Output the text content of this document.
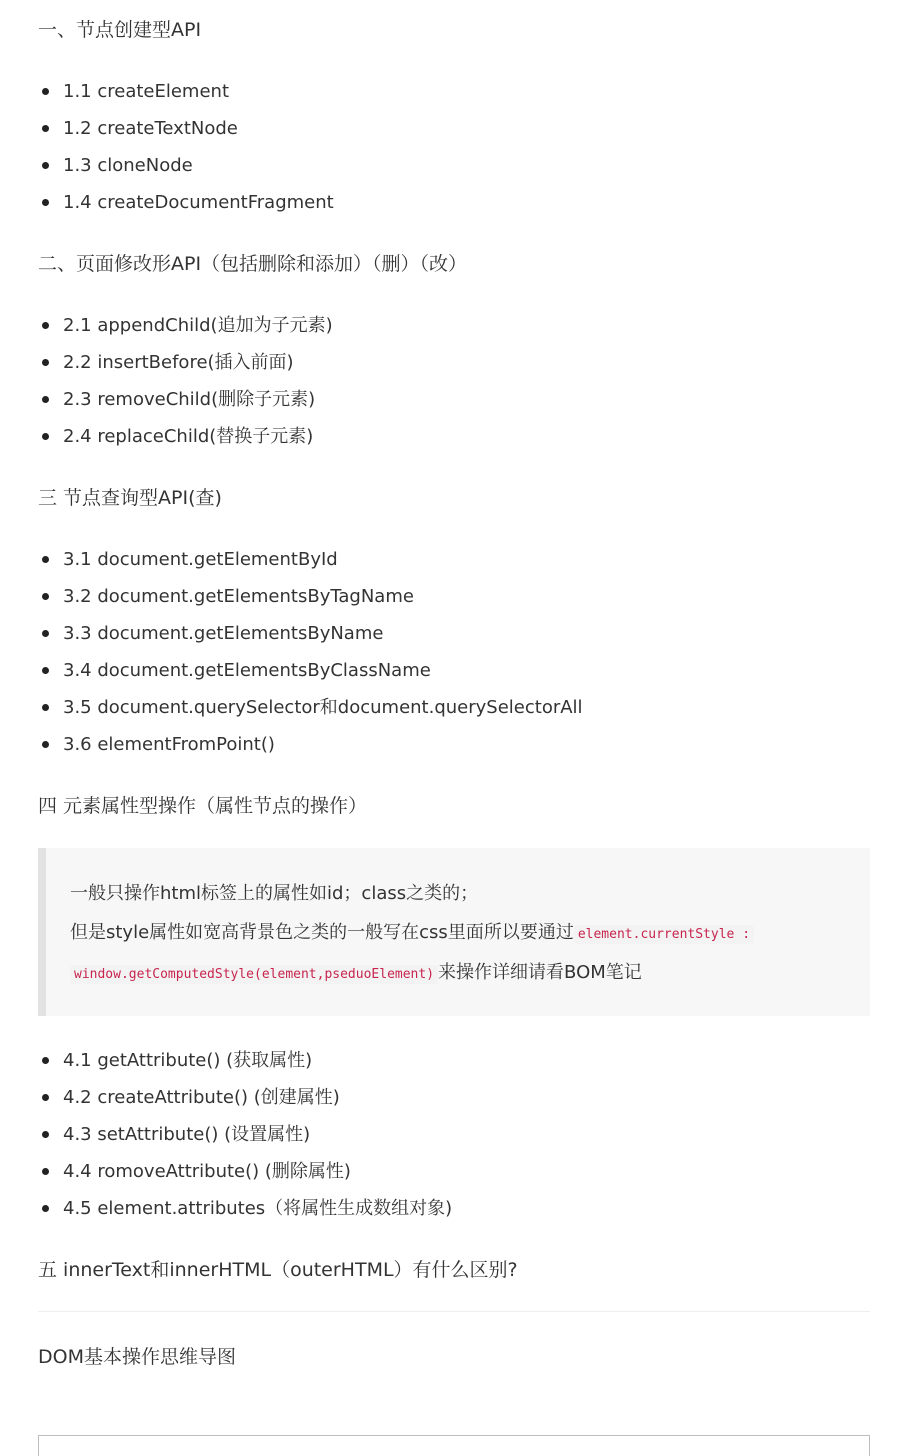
一、节点创建型API
1.1 createElement
1.2 createTextNode
1.3 cloneNode
1.4 createDocumentFragment
二、页面修改形API（包括删除和添加）（删）（改）
2.1 appendChild(追加为子元素)
2.2 insertBefore(插入前面)
2.3 removeChild(删除子元素)
2.4 replaceChild(替换子元素)
三 节点查询型API(查)
3.1 document.getElementById
3.2 document.getElementsByTagName
3.3 document.getElementsByName
3.4 document.getElementsByClassName
3.5 document.querySelector和document.querySelectorAll
3.6 elementFromPoint()
四 元素属性型操作（属性节点的操作）
一般只操作html标签上的属性如id；class之类的；
但是style属性如宽高背景色之类的一般写在css里面所以要通过 element.currentStyle :
window.getComputedStyle(element,pseduoElement) 来操作详细请看BOM笔记
4.1 getAttribute() (获取属性)
4.2 createAttribute() (创建属性)
4.3 setAttribute() (设置属性)
4.4 romoveAttribute() (删除属性)
4.5 element.attributes（将属性生成数组对象)
五 innerText和innerHTML（outerHTML）有什么区别?

DOM基本操作思维导图
